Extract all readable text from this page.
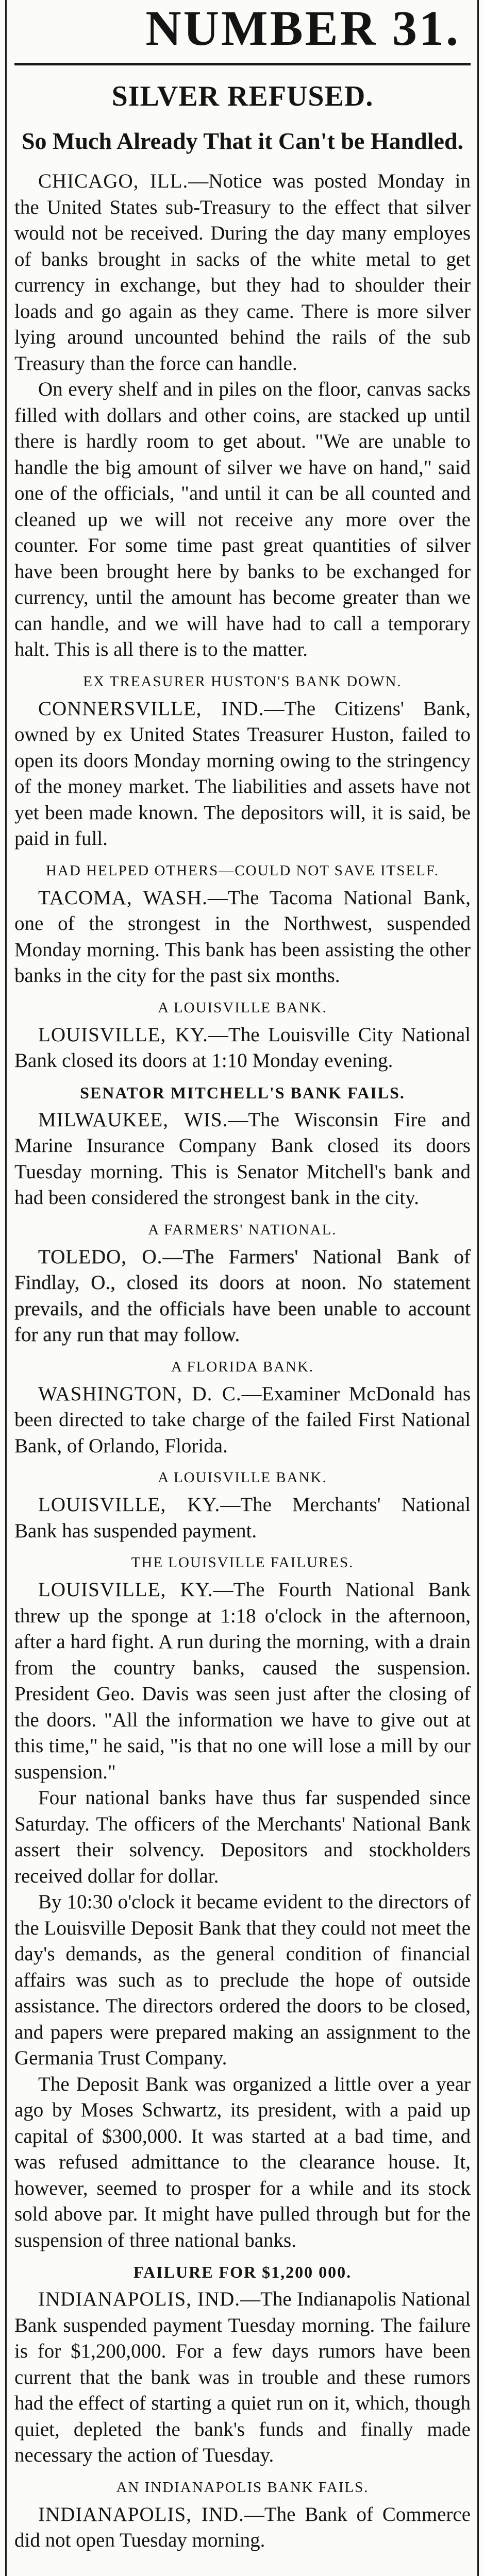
NUMBER 31.
SILVER REFUSED.
So Much Already That it Can't be Handled.

CHICAGO, ILL.—Notice was posted Monday in the United States sub-Treasury to the effect that silver would not be received. During the day many employes of banks brought in sacks of the white metal to get currency in exchange, but they had to shoulder their loads and go again as they came. There is more silver lying around uncounted behind the rails of the sub Treasury than the force can handle.

On every shelf and in piles on the floor, canvas sacks filled with dollars and other coins, are stacked up until there is hardly room to get about. "We are unable to handle the big amount of silver we have on hand," said one of the officials, "and until it can be all counted and cleaned up we will not receive any more over the counter. For some time past great quantities of silver have been brought here by banks to be exchanged for currency, until the amount has become greater than we can handle, and we will have had to call a temporary halt. This is all there is to the matter.

EX TREASURER HUSTON'S BANK DOWN.

CONNERSVILLE, IND.—The Citizens' Bank, owned by ex United States Treasurer Huston, failed to open its doors Monday morning owing to the stringency of the money market. The liabilities and assets have not yet been made known. The depositors will, it is said, be paid in full.

HAD HELPED OTHERS—COULD NOT SAVE ITSELF.

TACOMA, WASH.—The Tacoma National Bank, one of the strongest in the Northwest, suspended Monday morning. This bank has been assisting the other banks in the city for the past six months.

A LOUISVILLE BANK.

LOUISVILLE, KY.—The Louisville City National Bank closed its doors at 1:10 Monday evening.

SENATOR MITCHELL'S BANK FAILS.

MILWAUKEE, WIS.—The Wisconsin Fire and Marine Insurance Company Bank closed its doors Tuesday morning. This is Senator Mitchell's bank and had been considered the strongest bank in the city.

A FARMERS' NATIONAL.

TOLEDO, O.—The Farmers' National Bank of Findlay, O., closed its doors at noon. No statement prevails, and the officials have been unable to account for any run that may follow.

A FLORIDA BANK.

WASHINGTON, D. C.—Examiner McDonald has been directed to take charge of the failed First National Bank, of Orlando, Florida.

A LOUISVILLE BANK.

LOUISVILLE, KY.—The Merchants' National Bank has suspended payment.

THE LOUISVILLE FAILURES.

LOUISVILLE, KY.—The Fourth National Bank threw up the sponge at 1:18 o'clock in the afternoon, after a hard fight. A run during the morning, with a drain from the country banks, caused the suspension. President Geo. Davis was seen just after the closing of the doors. "All the information we have to give out at this time," he said, "is that no one will lose a mill by our suspension."

Four national banks have thus far suspended since Saturday. The officers of the Merchants' National Bank assert their solvency. Depositors and stockholders received dollar for dollar.

By 10:30 o'clock it became evident to the directors of the Louisville Deposit Bank that they could not meet the day's demands, as the general condition of financial affairs was such as to preclude the hope of outside assistance. The directors ordered the doors to be closed, and papers were prepared making an assignment to the Germania Trust Company.

The Deposit Bank was organized a little over a year ago by Moses Schwartz, its president, with a paid up capital of $300,000. It was started at a bad time, and was refused admittance to the clearance house. It, however, seemed to prosper for a while and its stock sold above par. It might have pulled through but for the suspension of three national banks.

FAILURE FOR $1,200 000.

INDIANAPOLIS, IND.—The Indianapolis National Bank suspended payment Tuesday morning. The failure is for $1,200,000. For a few days rumors have been current that the bank was in trouble and these rumors had the effect of starting a quiet run on it, which, though quiet, depleted the bank's funds and finally made necessary the action of Tuesday.

AN INDIANAPOLIS BANK FAILS.

INDIANAPOLIS, IND.—The Bank of Commerce did not open Tuesday morning.
